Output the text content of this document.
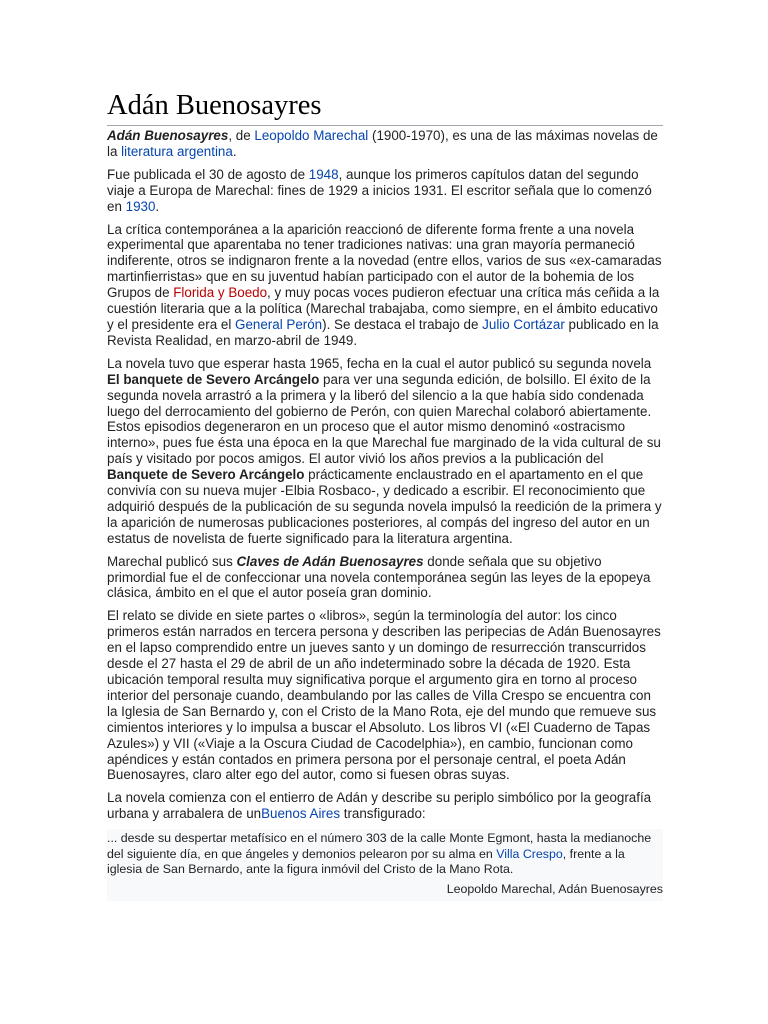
Adán Buenosayres

Adán Buenosayres, de Leopoldo Marechal (1900-1970), es una de las máximas novelas de la literatura argentina.

Fue publicada el 30 de agosto de 1948, aunque los primeros capítulos datan del segundo viaje a Europa de Marechal: fines de 1929 a inicios 1931. El escritor señala que lo comenzó en 1930.

La crítica contemporánea a la aparición reaccionó de diferente forma frente a una novela experimental que aparentaba no tener tradiciones nativas: una gran mayoría permaneció indiferente, otros se indignaron frente a la novedad (entre ellos, varios de sus «ex-camaradas martinfierristas» que en su juventud habían participado con el autor de la bohemia de los Grupos de Florida y Boedo, y muy pocas voces pudieron efectuar una crítica más ceñida a la cuestión literaria que a la política (Marechal trabajaba, como siempre, en el ámbito educativo y el presidente era el General Perón). Se destaca el trabajo de Julio Cortázar publicado en la Revista Realidad, en marzo-abril de 1949.

La novela tuvo que esperar hasta 1965, fecha en la cual el autor publicó su segunda novela El banquete de Severo Arcángelo para ver una segunda edición, de bolsillo. El éxito de la segunda novela arrastró a la primera y la liberó del silencio a la que había sido condenada luego del derrocamiento del gobierno de Perón, con quien Marechal colaboró abiertamente. Estos episodios degeneraron en un proceso que el autor mismo denominó «ostracismo interno», pues fue ésta una época en la que Marechal fue marginado de la vida cultural de su país y visitado por pocos amigos. El autor vivió los años previos a la publicación del Banquete de Severo Arcángelo prácticamente enclaustrado en el apartamento en el que convivía con su nueva mujer -Elbia Rosbaco-, y dedicado a escribir. El reconocimiento que adquirió después de la publicación de su segunda novela impulsó la reedición de la primera y la aparición de numerosas publicaciones posteriores, al compás del ingreso del autor en un estatus de novelista de fuerte significado para la literatura argentina.

Marechal publicó sus Claves de Adán Buenosayres donde señala que su objetivo primordial fue el de confeccionar una novela contemporánea según las leyes de la epopeya clásica, ámbito en el que el autor poseía gran dominio.

El relato se divide en siete partes o «libros», según la terminología del autor: los cinco primeros están narrados en tercera persona y describen las peripecias de Adán Buenosayres en el lapso comprendido entre un jueves santo y un domingo de resurrección transcurridos desde el 27 hasta el 29 de abril de un año indeterminado sobre la década de 1920. Esta ubicación temporal resulta muy significativa porque el argumento gira en torno al proceso interior del personaje cuando, deambulando por las calles de Villa Crespo se encuentra con la Iglesia de San Bernardo y, con el Cristo de la Mano Rota, eje del mundo que remueve sus cimientos interiores y lo impulsa a buscar el Absoluto. Los libros VI («El Cuaderno de Tapas Azules») y VII («Viaje a la Oscura Ciudad de Cacodelphia»), en cambio, funcionan como apéndices y están contados en primera persona por el personaje central, el poeta Adán Buenosayres, claro alter ego del autor, como si fuesen obras suyas.

La novela comienza con el entierro de Adán y describe su periplo simbólico por la geografía urbana y arrabalera de unBuenos Aires transfigurado:

... desde su despertar metafísico en el número 303 de la calle Monte Egmont, hasta la medianoche del siguiente día, en que ángeles y demonios pelearon por su alma en Villa Crespo, frente a la iglesia de San Bernardo, ante la figura inmóvil del Cristo de la Mano Rota.
Leopoldo Marechal, Adán Buenosayres
